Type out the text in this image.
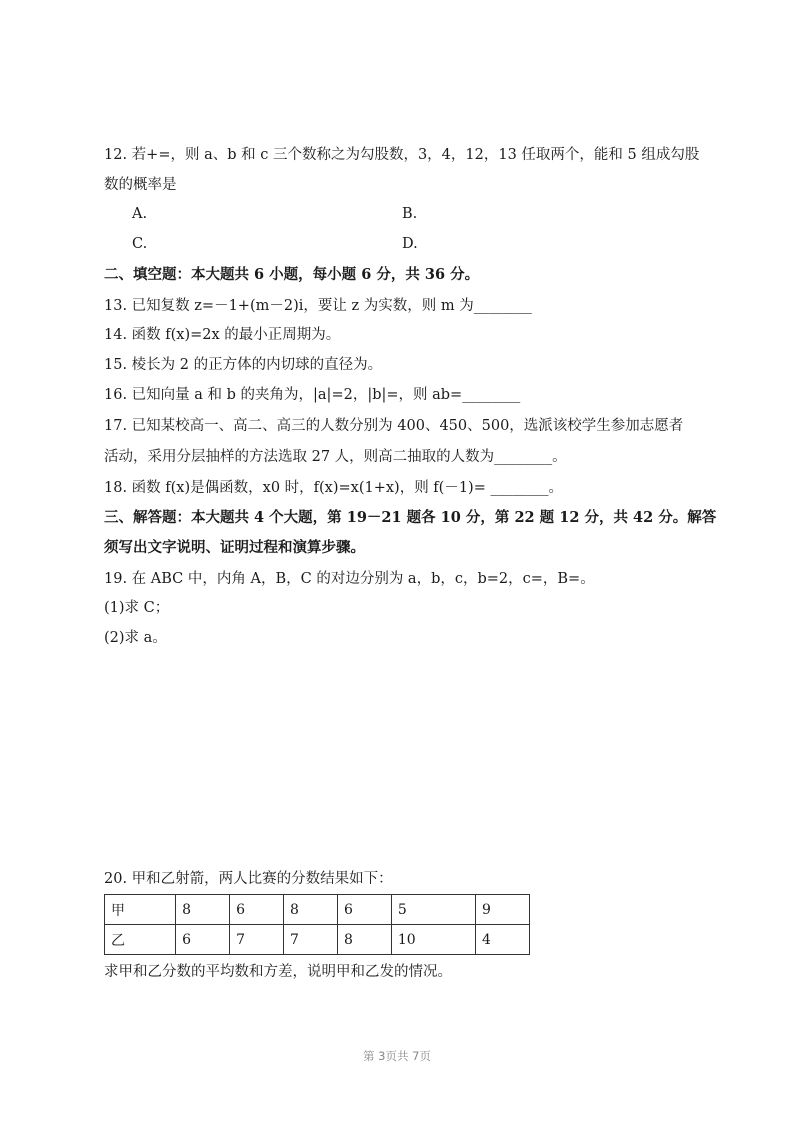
12. 若+=，则 a、b 和 c 三个数称之为勾股数，3，4，12，13 任取两个，能和 5 组成勾股
数的概率是
A.	B.
C.	D.
二、填空题：本大题共 6 小题，每小题 6 分，共 36 分。
13. 已知复数 z=－1+(m－2)i，要让 z 为实数，则 m 为________
14. 函数 f(x)=2x 的最小正周期为。
15. 棱长为 2 的正方体的内切球的直径为。
16. 已知向量 a 和 b 的夹角为，|a|=2，|b|=，则 ab=________
17. 已知某校高一、高二、高三的人数分别为 400、450、500，选派该校学生参加志愿者
活动，采用分层抽样的方法选取 27 人，则高二抽取的人数为________。
18. 函数 f(x)是偶函数，x0 时，f(x)=x(1+x)，则 f(－1)= ________。
三、解答题：本大题共 4 个大题，第 19－21 题各 10 分，第 22 题 12 分，共 42 分。解答
须写出文字说明、证明过程和演算步骤。
19. 在 ABC 中，内角 A，B，C 的对边分别为 a，b，c，b=2，c=，B=。
(1)求 C；
(2)求 a。
20. 甲和乙射箭，两人比赛的分数结果如下：
甲	8	6	8	6	5	9
乙	6	7	7	8	10	4
求甲和乙分数的平均数和方差，说明甲和乙发的情况。
第 3页共 7页
